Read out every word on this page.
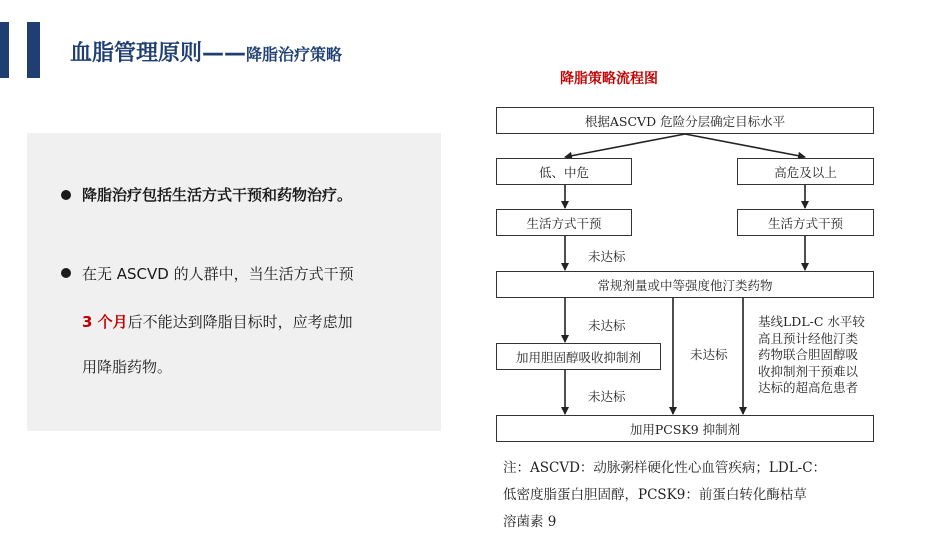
血脂管理原则——降脂治疗策略
降脂治疗包括生活方式干预和药物治疗。
在无 ASCVD 的人群中，当生活方式干预
3 个月后不能达到降脂目标时，应考虑加
用降脂药物。
降脂策略流程图
根据ASCVD 危险分层确定目标水平
低、中危	高危及以上
生活方式干预	生活方式干预
未达标
常规剂量或中等强度他汀类药物
未达标
加用胆固醇吸收抑制剂
未达标
未达标
基线LDL-C 水平较
高且预计经他汀类
药物联合胆固醇吸
收抑制剂干预难以
达标的超高危患者
加用PCSK9 抑制剂
注：ASCVD：动脉粥样硬化性心血管疾病；LDL-C：
低密度脂蛋白胆固醇，PCSK9：前蛋白转化酶枯草
溶菌素 9
